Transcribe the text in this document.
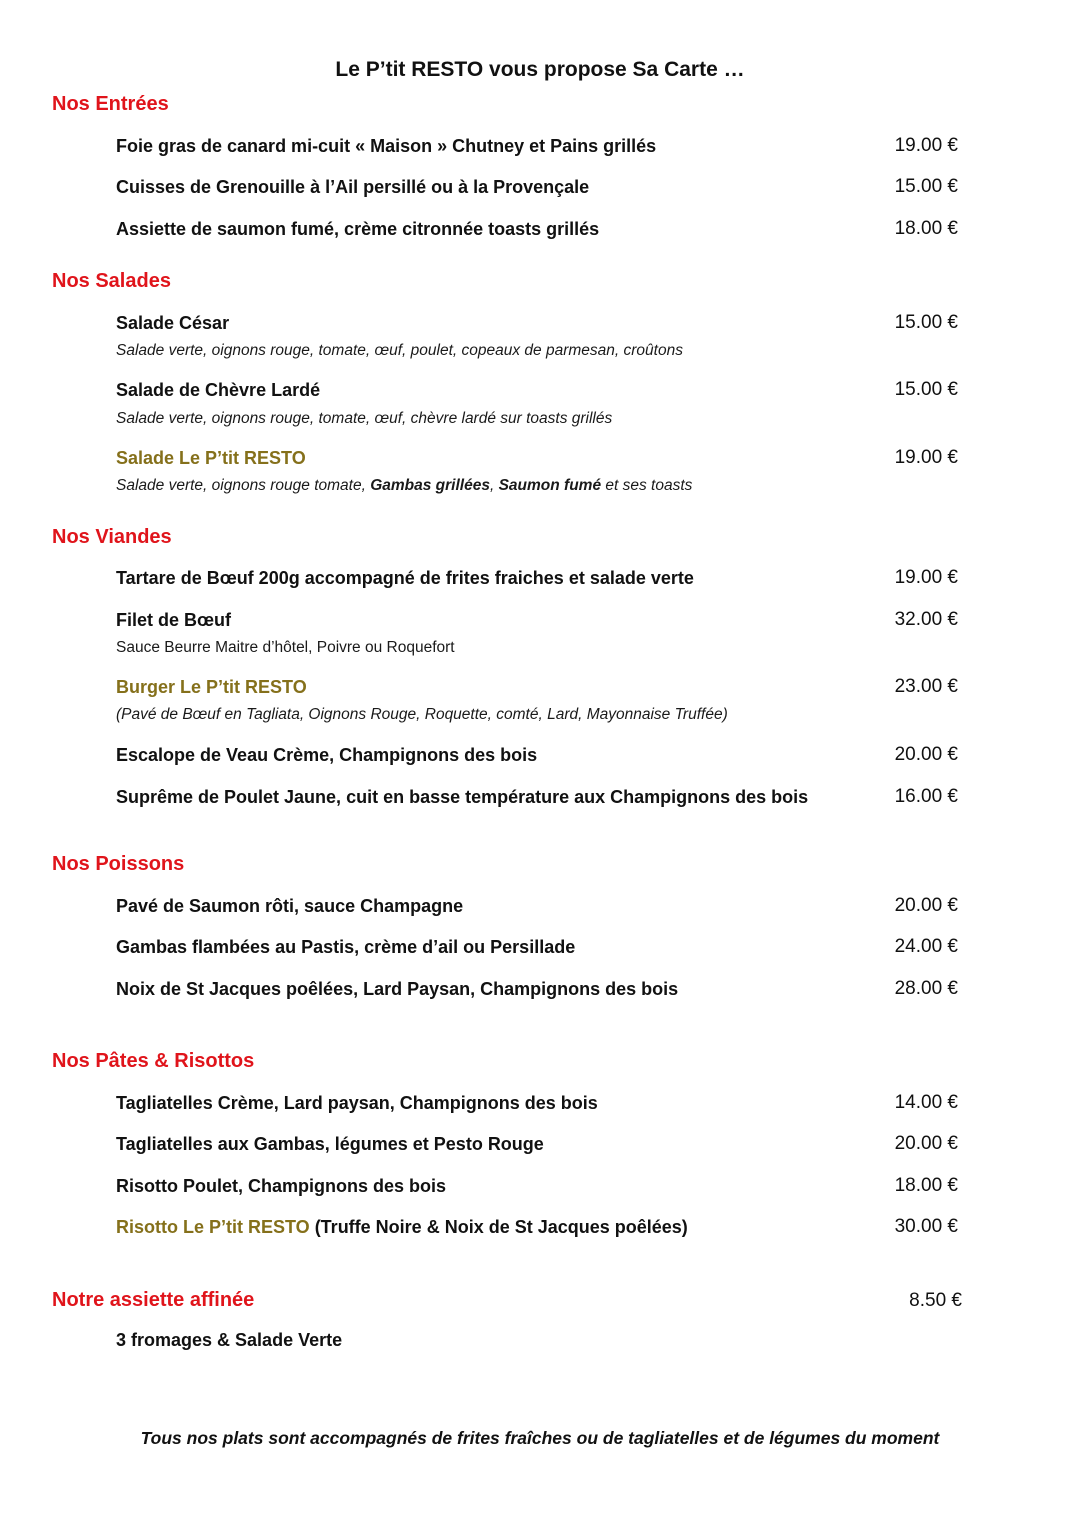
Le P’tit RESTO vous propose Sa Carte …
Nos Entrées
Foie gras de canard mi-cuit « Maison » Chutney et Pains grillés	19.00 €
Cuisses de Grenouille à l’Ail persillé ou à la Provençale	15.00 €
Assiette de saumon fumé, crème citronnée toasts grillés	18.00 €
Nos Salades
Salade César	15.00 €
Salade verte, oignons rouge, tomate, œuf, poulet, copeaux de parmesan, croûtons
Salade de Chèvre Lardé	15.00 €
Salade verte, oignons rouge, tomate, œuf, chèvre lardé sur toasts grillés
Salade Le P’tit RESTO	19.00 €
Salade verte, oignons rouge tomate, Gambas grillées, Saumon fumé et ses toasts
Nos Viandes
Tartare de Bœuf 200g accompagné de frites fraiches et salade verte	19.00 €
Filet de Bœuf	32.00 €
Sauce Beurre Maitre d’hôtel, Poivre ou Roquefort
Burger Le P’tit RESTO	23.00 €
(Pavé de Bœuf en Tagliata, Oignons Rouge, Roquette, comté, Lard, Mayonnaise Truffée)
Escalope de Veau Crème, Champignons des bois	20.00 €
Suprême de Poulet Jaune, cuit en basse température aux Champignons des bois	16.00 €
Nos Poissons
Pavé de Saumon rôti, sauce Champagne	20.00 €
Gambas flambées au Pastis, crème d’ail ou Persillade	24.00 €
Noix de St Jacques poêlées, Lard Paysan, Champignons des bois	28.00 €
Nos Pâtes & Risottos
Tagliatelles Crème, Lard paysan, Champignons des bois	14.00 €
Tagliatelles aux Gambas, légumes et Pesto Rouge	20.00 €
Risotto Poulet, Champignons des bois	18.00 €
Risotto Le P’tit RESTO (Truffe Noire & Noix de St Jacques poêlées)	30.00 €
Notre assiette affinée	8.50 €
3 fromages & Salade Verte
Tous nos plats sont accompagnés de frites fraîches ou de tagliatelles et de légumes du moment
